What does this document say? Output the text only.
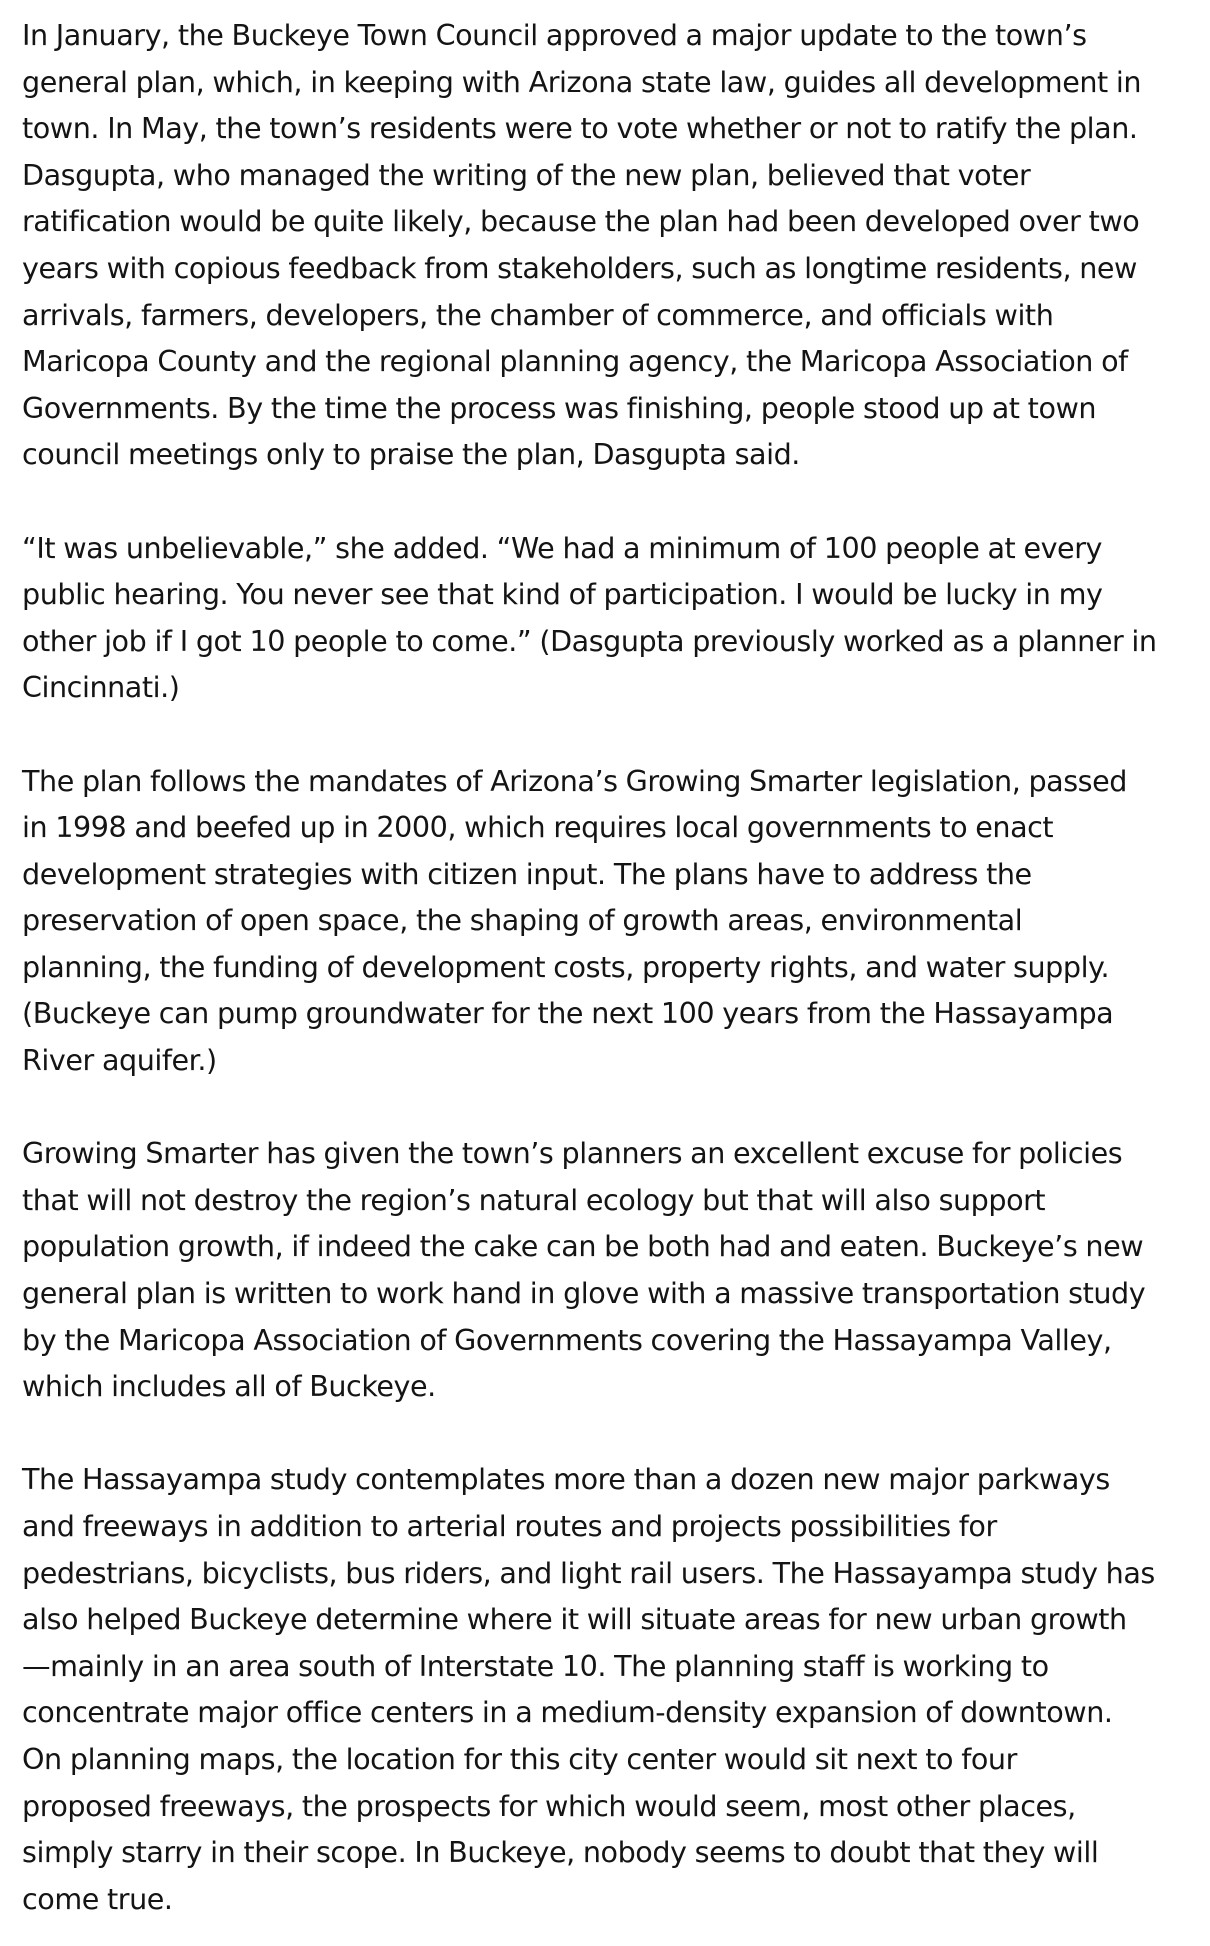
In January, the Buckeye Town Council approved a major update to the town’s
general plan, which, in keeping with Arizona state law, guides all development in
town. In May, the town’s residents were to vote whether or not to ratify the plan.
Dasgupta, who managed the writing of the new plan, believed that voter
ratification would be quite likely, because the plan had been developed over two
years with copious feedback from stakeholders, such as longtime residents, new
arrivals, farmers, developers, the chamber of commerce, and officials with
Maricopa County and the regional planning agency, the Maricopa Association of
Governments. By the time the process was finishing, people stood up at town
council meetings only to praise the plan, Dasgupta said.

“It was unbelievable,” she added. “We had a minimum of 100 people at every
public hearing. You never see that kind of participation. I would be lucky in my
other job if I got 10 people to come.” (Dasgupta previously worked as a planner in
Cincinnati.)

The plan follows the mandates of Arizona’s Growing Smarter legislation, passed
in 1998 and beefed up in 2000, which requires local governments to enact
development strategies with citizen input. The plans have to address the
preservation of open space, the shaping of growth areas, environmental
planning, the funding of development costs, property rights, and water supply.
(Buckeye can pump groundwater for the next 100 years from the Hassayampa
River aquifer.)

Growing Smarter has given the town’s planners an excellent excuse for policies
that will not destroy the region’s natural ecology but that will also support
population growth, if indeed the cake can be both had and eaten. Buckeye’s new
general plan is written to work hand in glove with a massive transportation study
by the Maricopa Association of Governments covering the Hassayampa Valley,
which includes all of Buckeye.

The Hassayampa study contemplates more than a dozen new major parkways
and freeways in addition to arterial routes and projects possibilities for
pedestrians, bicyclists, bus riders, and light rail users. The Hassayampa study has
also helped Buckeye determine where it will situate areas for new urban growth
—mainly in an area south of Interstate 10. The planning staff is working to
concentrate major office centers in a medium-density expansion of downtown.
On planning maps, the location for this city center would sit next to four
proposed freeways, the prospects for which would seem, most other places,
simply starry in their scope. In Buckeye, nobody seems to doubt that they will
come true.
